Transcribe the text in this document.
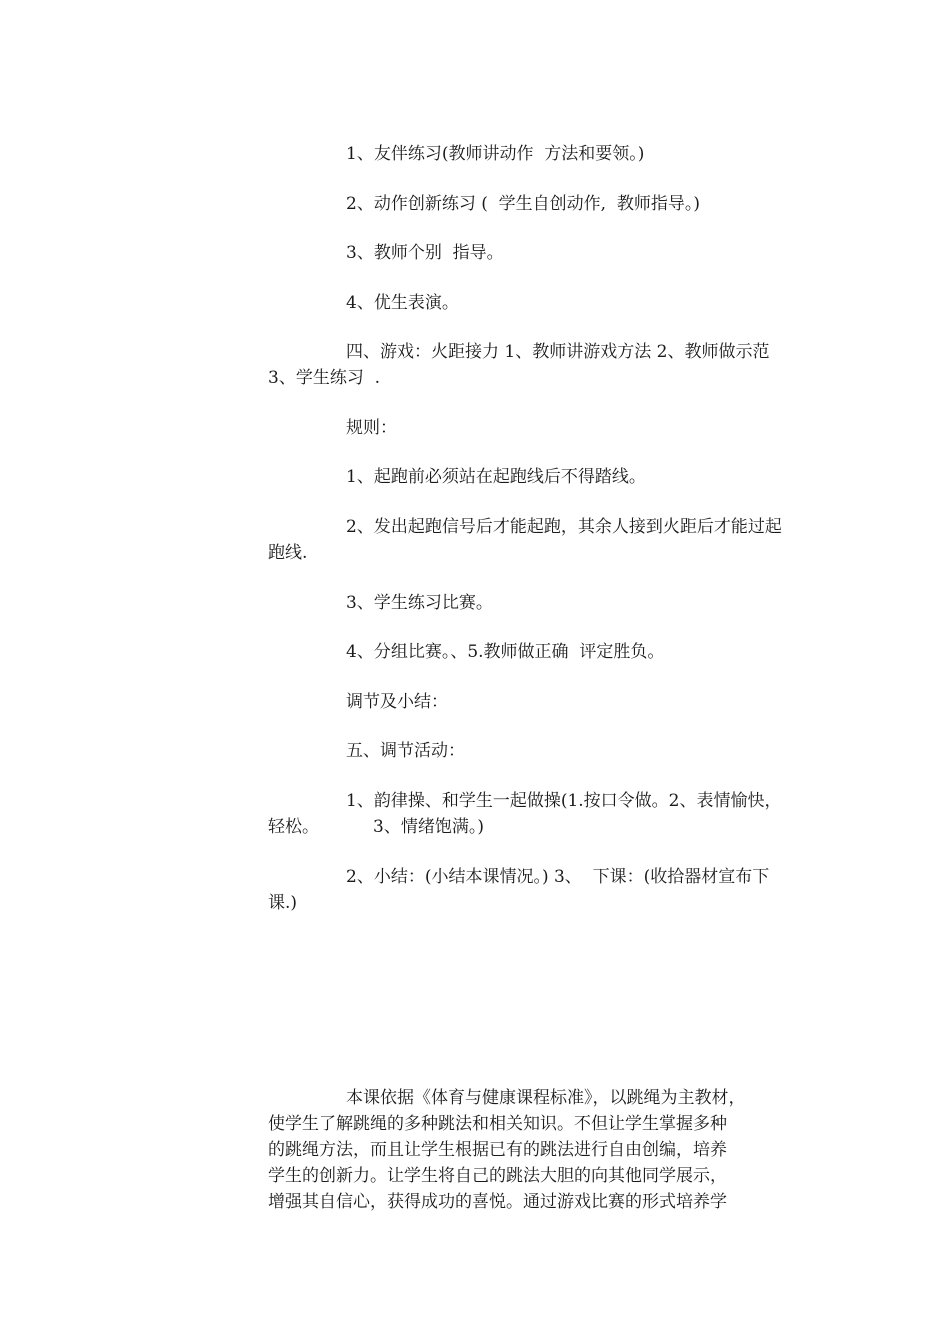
1、友伴练习(教师讲动作  方法和要领。)

2、动作创新练习 (  学生自创动作,  教师指导。)

3、教师个别  指导。

4、优生表演。

四、游戏：火距接力 1、教师讲游戏方法 2、教师做示范 3、学生练习  .

规则：

1、起跑前必须站在起跑线后不得踏线。

2、发出起跑信号后才能起跑，其余人接到火距后才能过起跑线.

3、学生练习比赛。

4、分组比赛。、5.教师做正确  评定胜负。

调节及小结：

五、调节活动：

1、韵律操、和学生一起做操(1.按口令做。2、表情愉快，  轻松。          3、情绪饱满。)

2、小结：(小结本课情况。) 3、  下课：(收拾器材宣布下课.)

本课依据《体育与健康课程标准》，以跳绳为主教材，
使学生了解跳绳的多种跳法和相关知识。不但让学生掌握多种
的跳绳方法，而且让学生根据已有的跳法进行自由创编，培养
学生的创新力。让学生将自己的跳法大胆的向其他同学展示，
增强其自信心，获得成功的喜悦。通过游戏比赛的形式培养学
